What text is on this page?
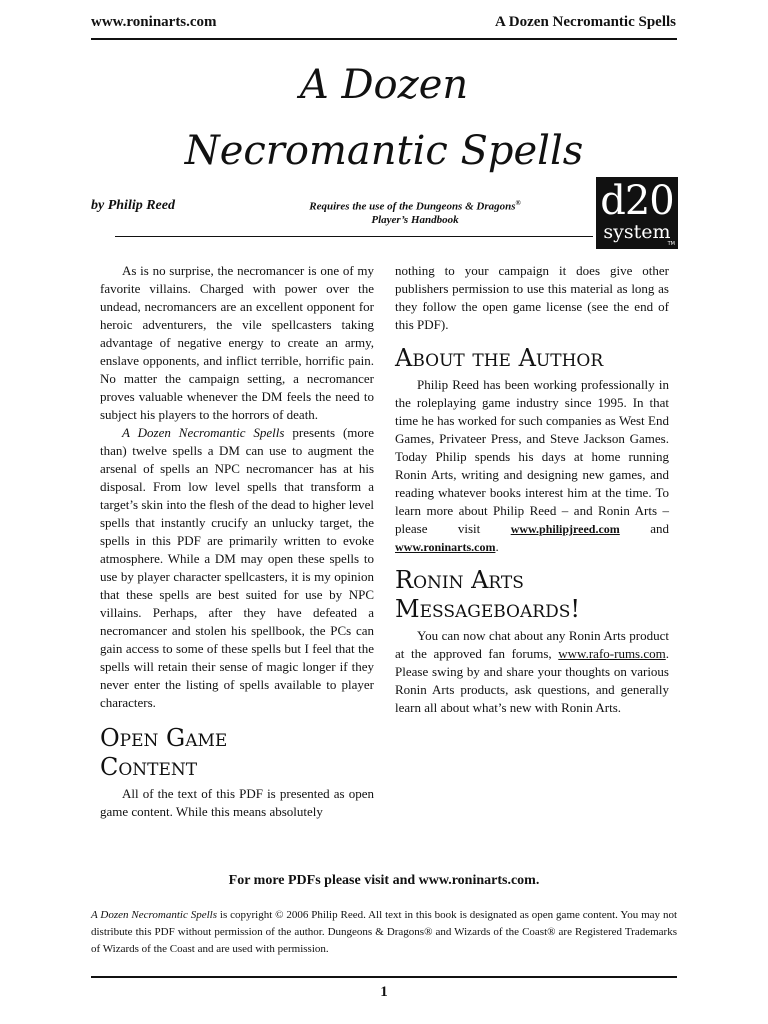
www.roninarts.com	A Dozen Necromantic Spells
A Dozen
Necromantic Spells
by Philip Reed	Requires the use of the Dungeons & Dragons®
Player’s Handbook	d20
system
TM

As is no surprise, the necromancer is one of my favorite villains. Charged with power over the undead, necromancers are an excellent opponent for heroic adventurers, the vile spellcasters taking advantage of negative energy to create an army, enslave opponents, and inflict terrible, horrific pain. No matter the campaign setting, a necromancer proves valuable whenever the DM feels the need to subject his players to the horrors of death.

A Dozen Necromantic Spells presents (more than) twelve spells a DM can use to augment the arsenal of spells an NPC necromancer has at his disposal. From low level spells that transform a target’s skin into the flesh of the dead to higher level spells that instantly crucify an unlucky target, the spells in this PDF are primarily written to evoke atmosphere. While a DM may open these spells to use by player character spellcasters, it is my opinion that these spells are best suited for use by NPC villains. Perhaps, after they have defeated a necromancer and stolen his spellbook, the PCs can gain access to some of these spells but I feel that the spells will retain their sense of magic longer if they never enter the listing of spells available to player characters.

Open Game
Content

All of the text of this PDF is presented as open game content. While this means absolutely

nothing to your campaign it does give other publishers permission to use this material as long as they follow the open game license (see the end of this PDF).

About the Author

Philip Reed has been working professionally in the roleplaying game industry since 1995. In that time he has worked for such companies as West End Games, Privateer Press, and Steve Jackson Games. Today Philip spends his days at home running Ronin Arts, writing and designing new games, and reading whatever books interest him at the time. To learn more about Philip Reed – and Ronin Arts – please visit www.philipjreed.com and www.roninarts.com.

Ronin Arts
Messageboards!

You can now chat about any Ronin Arts product at the approved fan forums, www.rafo-rums.com. Please swing by and share your thoughts on various Ronin Arts products, ask questions, and generally learn all about what’s new with Ronin Arts.

For more PDFs please visit and www.roninarts.com.
A Dozen Necromantic Spells is copyright © 2006 Philip Reed. All text in this book is designated as open game content. You may not distribute this PDF without permission of the author. Dungeons & Dragons® and Wizards of the Coast® are Registered Trademarks of Wizards of the Coast and are used with permission.
1
